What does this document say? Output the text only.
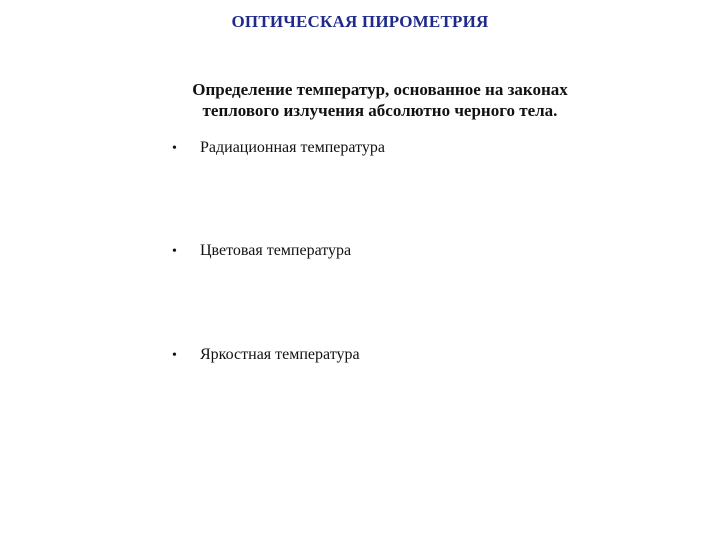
ОПТИЧЕСКАЯ ПИРОМЕТРИЯ
Определение температур, основанное на законах
теплового излучения абсолютно черного тела.
• Радиационная температура
• Цветовая температура
• Яркостная температура
